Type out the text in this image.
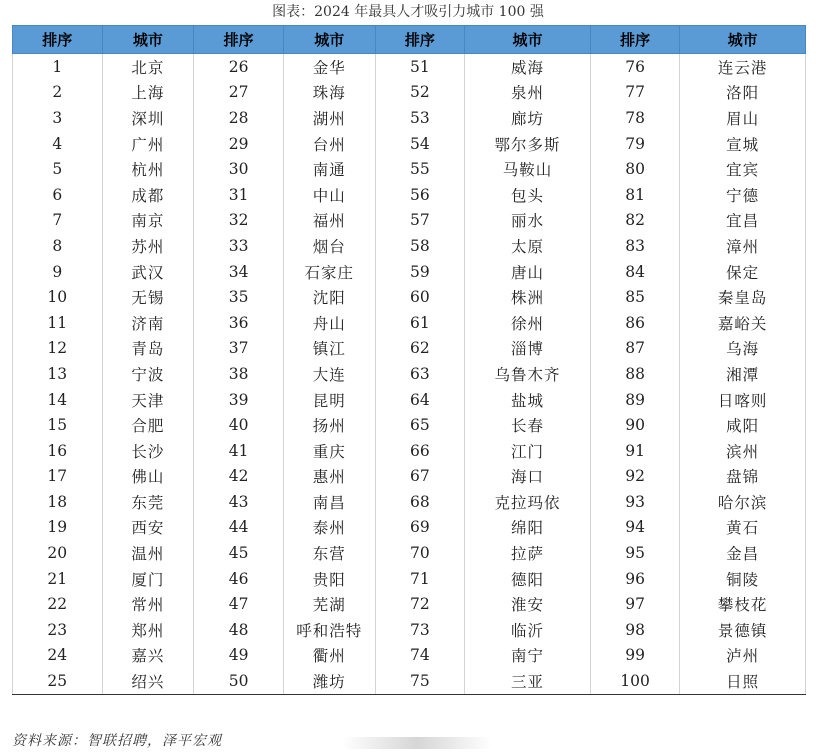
图表：2024 年最具人才吸引力城市 100 强
排序	城市	排序	城市	排序	城市	排序	城市
1	北京	26	金华	51	威海	76	连云港
2	上海	27	珠海	52	泉州	77	洛阳
3	深圳	28	湖州	53	廊坊	78	眉山
4	广州	29	台州	54	鄂尔多斯	79	宣城
5	杭州	30	南通	55	马鞍山	80	宜宾
6	成都	31	中山	56	包头	81	宁德
7	南京	32	福州	57	丽水	82	宜昌
8	苏州	33	烟台	58	太原	83	漳州
9	武汉	34	石家庄	59	唐山	84	保定
10	无锡	35	沈阳	60	株洲	85	秦皇岛
11	济南	36	舟山	61	徐州	86	嘉峪关
12	青岛	37	镇江	62	淄博	87	乌海
13	宁波	38	大连	63	乌鲁木齐	88	湘潭
14	天津	39	昆明	64	盐城	89	日喀则
15	合肥	40	扬州	65	长春	90	咸阳
16	长沙	41	重庆	66	江门	91	滨州
17	佛山	42	惠州	67	海口	92	盘锦
18	东莞	43	南昌	68	克拉玛依	93	哈尔滨
19	西安	44	泰州	69	绵阳	94	黄石
20	温州	45	东营	70	拉萨	95	金昌
21	厦门	46	贵阳	71	德阳	96	铜陵
22	常州	47	芜湖	72	淮安	97	攀枝花
23	郑州	48	呼和浩特	73	临沂	98	景德镇
24	嘉兴	49	衢州	74	南宁	99	泸州
25	绍兴	50	潍坊	75	三亚	100	日照
资料来源：智联招聘，泽平宏观
